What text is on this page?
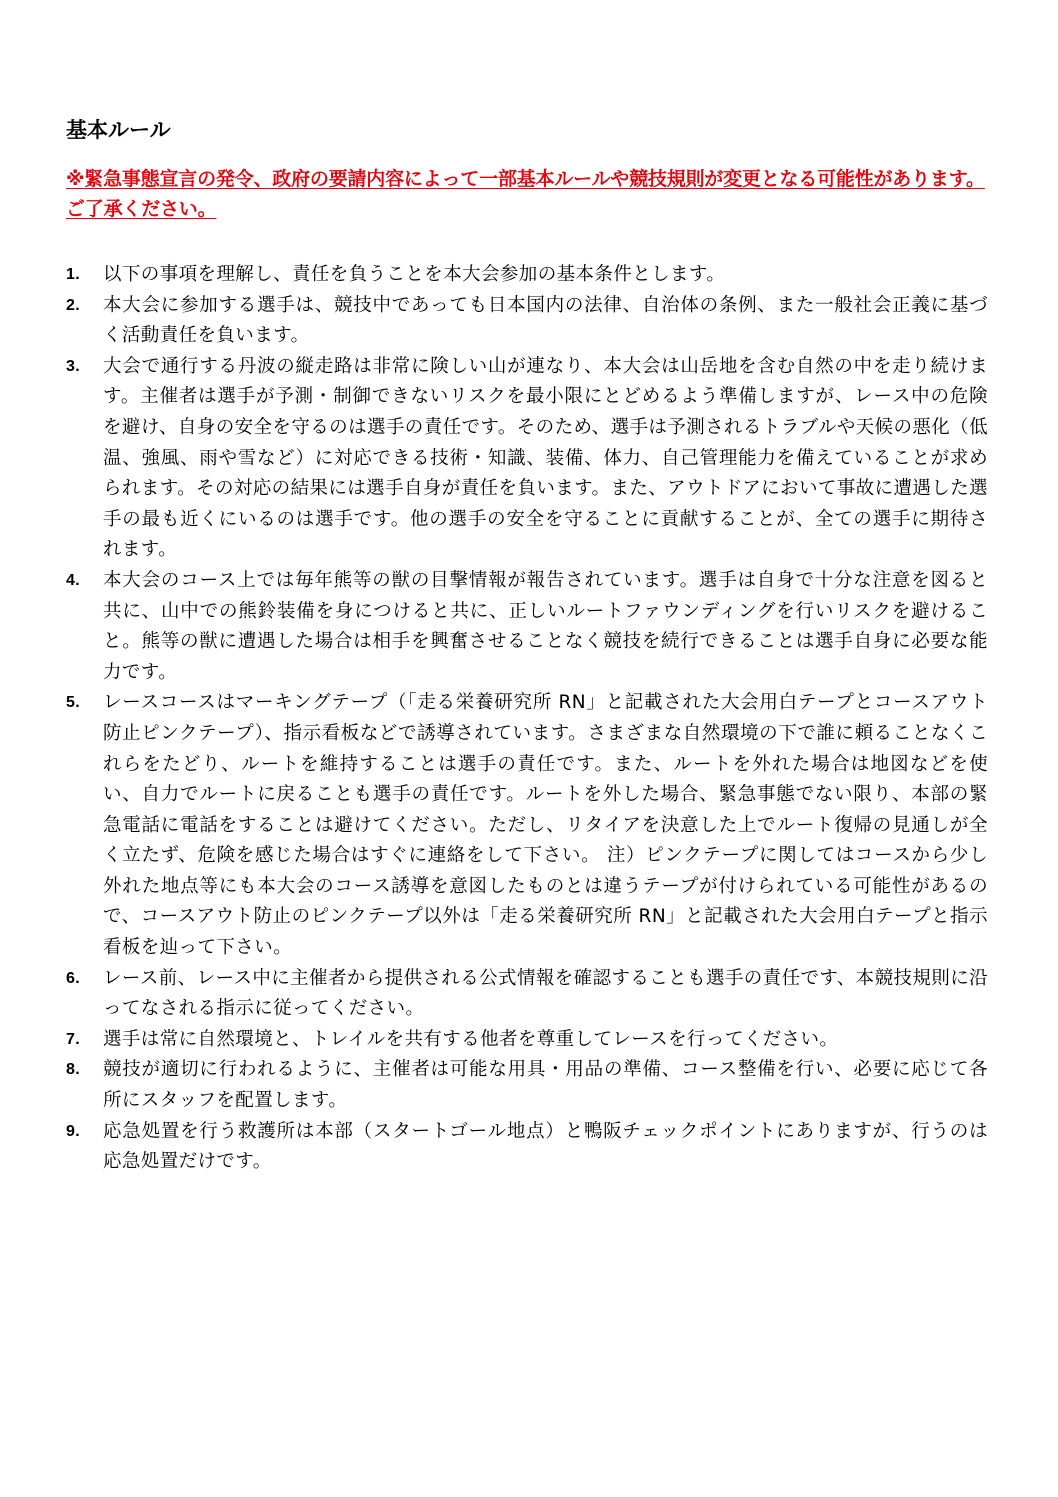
基本ルール
※緊急事態宣言の発令、政府の要請内容によって一部基本ルールや競技規則が変更となる可能性があります。ご了承ください。
1.	以下の事項を理解し、責任を負うことを本大会参加の基本条件とします。
2.	本大会に参加する選手は、競技中であっても日本国内の法律、自治体の条例、また一般社会正義に基づく活動責任を負います。
3.	大会で通行する丹波の縦走路は非常に険しい山が連なり、本大会は山岳地を含む自然の中を走り続けます。主催者は選手が予測・制御できないリスクを最小限にとどめるよう準備しますが、レース中の危険を避け、自身の安全を守るのは選手の責任です。そのため、選手は予測されるトラブルや天候の悪化（低温、強風、雨や雪など）に対応できる技術・知識、装備、体力、自己管理能力を備えていることが求められます。その対応の結果には選手自身が責任を負います。また、アウトドアにおいて事故に遭遇した選手の最も近くにいるのは選手です。他の選手の安全を守ることに貢献することが、全ての選手に期待されます。
4.	本大会のコース上では毎年熊等の獣の目撃情報が報告されています。選手は自身で十分な注意を図ると共に、山中での熊鈴装備を身につけると共に、正しいルートファウンディングを行いリスクを避けること。熊等の獣に遭遇した場合は相手を興奮させることなく競技を続行できることは選手自身に必要な能力です。
5.	レースコースはマーキングテープ（「走る栄養研究所 RN」と記載された大会用白テープとコースアウト防止ピンクテープ）、指示看板などで誘導されています。さまざまな自然環境の下で誰に頼ることなくこれらをたどり、ルートを維持することは選手の責任です。また、ルートを外れた場合は地図などを使い、自力でルートに戻ることも選手の責任です。ルートを外した場合、緊急事態でない限り、本部の緊急電話に電話をすることは避けてください。ただし、リタイアを決意した上でルート復帰の見通しが全く立たず、危険を感じた場合はすぐに連絡をして下さい。 注）ピンクテープに関してはコースから少し外れた地点等にも本大会のコース誘導を意図したものとは違うテープが付けられている可能性があるので、コースアウト防止のピンクテープ以外は「走る栄養研究所 RN」と記載された大会用白テープと指示看板を辿って下さい。
6.	レース前、レース中に主催者から提供される公式情報を確認することも選手の責任です、本競技規則に沿ってなされる指示に従ってください。
7.	選手は常に自然環境と、トレイルを共有する他者を尊重してレースを行ってください。
8.	競技が適切に行われるように、主催者は可能な用具・用品の準備、コース整備を行い、必要に応じて各所にスタッフを配置します。
9.	応急処置を行う救護所は本部（スタートゴール地点）と鴨阪チェックポイントにありますが、行うのは応急処置だけです。
